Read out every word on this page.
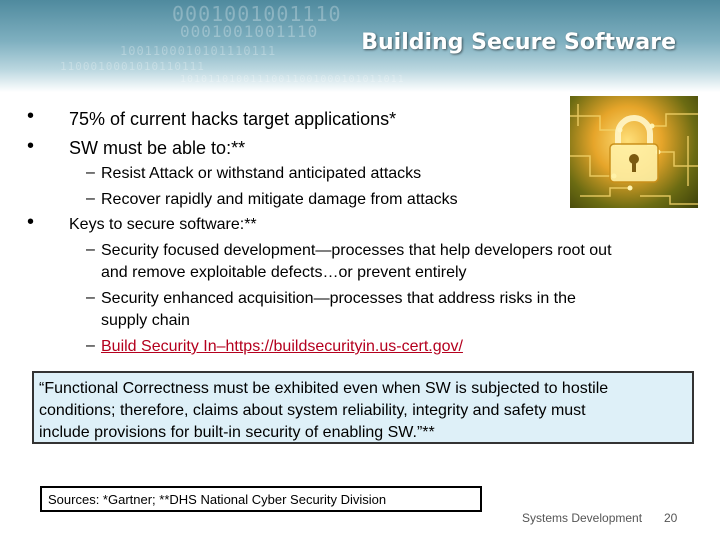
0001001001110
0001001001110
1001100010101110111
1100010001010110111
10101101001110011001000101011011
Building Secure Software
• 75% of current hacks target applications*
• SW must be able to:**
– Resist Attack or withstand anticipated attacks
– Recover rapidly and mitigate damage from attacks
• Keys to secure software:**
– Security focused development—processes that help developers root out
and remove exploitable defects…or prevent entirely
– Security enhanced acquisition—processes that address risks in the
supply chain
– Build Security In–https://buildsecurityin.us-cert.gov/
“Functional Correctness must be exhibited even when SW is subjected to hostile
conditions; therefore, claims about system reliability, integrity and safety must
include provisions for built-in security of enabling SW.”**
Sources: *Gartner; **DHS National Cyber Security Division
Systems Development 20
